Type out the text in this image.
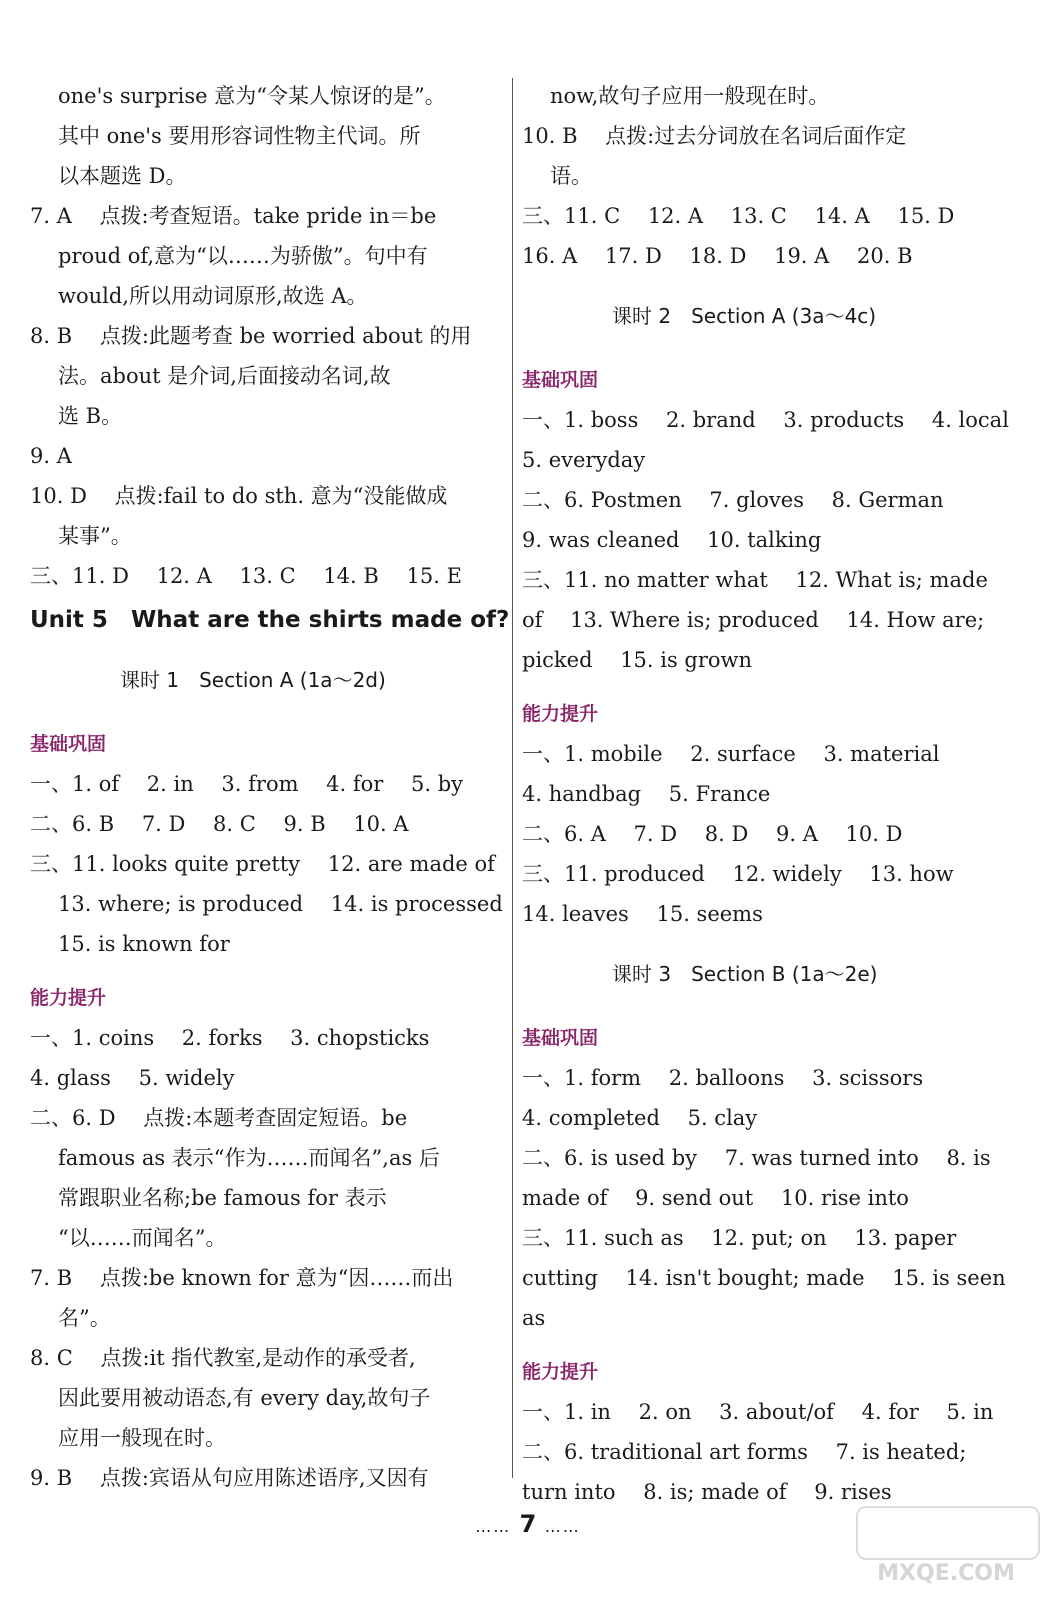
one's surprise 意为“令某人惊讶的是”。
其中 one's 要用形容词性物主代词。所
以本题选 D。
7. A　 点拨:考查短语。take pride in＝be
proud of,意为“以……为骄傲”。句中有
would,所以用动词原形,故选 A。
8. B　 点拨:此题考查 be worried about 的用
法。about 是介词,后面接动名词,故
选 B。
9. A
10. D　 点拨:fail to do sth. 意为“没能做成
某事”。
三、11. D　 12. A　 13. C　 14. B　 15. E
Unit 5　What are the shirts made of?
课时 1　Section A (1a～2d)
基础巩固
一、1. of　 2. in　 3. from　 4. for　 5. by
二、6. B　 7. D　 8. C　 9. B　 10. A
三、11. looks quite pretty　 12. are made of
13. where; is produced　 14. is processed
15. is known for
能力提升
一、1. coins　 2. forks　 3. chopsticks
4. glass　 5. widely
二、6. D　 点拨:本题考查固定短语。be
famous as 表示“作为……而闻名”,as 后
常跟职业名称;be famous for 表示
“以……而闻名”。
7. B　 点拨:be known for 意为“因……而出
名”。
8. C　 点拨:it 指代教室,是动作的承受者,
因此要用被动语态,有 every day,故句子
应用一般现在时。
9. B　 点拨:宾语从句应用陈述语序,又因有
now,故句子应用一般现在时。
10. B　 点拨:过去分词放在名词后面作定
语。
三、11. C　 12. A　 13. C　 14. A　 15. D
16. A　 17. D　 18. D　 19. A　 20. B
课时 2　Section A (3a～4c)
基础巩固
一、1. boss　 2. brand　 3. products　 4. local
5. everyday
二、6. Postmen　 7. gloves　 8. German
9. was cleaned　 10. talking
三、11. no matter what　 12. What is; made
of　 13. Where is; produced　 14. How are;
picked　 15. is grown
能力提升
一、1. mobile　 2. surface　 3. material
4. handbag　 5. France
二、6. A　 7. D　 8. D　 9. A　 10. D
三、11. produced　 12. widely　 13. how
14. leaves　 15. seems
课时 3　Section B (1a～2e)
基础巩固
一、1. form　 2. balloons　 3. scissors
4. completed　 5. clay
二、6. is used by　 7. was turned into　 8. is
made of　 9. send out　 10. rise into
三、11. such as　 12. put; on　 13. paper
cutting　 14. isn't bought; made　 15. is seen
as
能力提升
一、1. in　 2. on　 3. about/of　 4. for　 5. in
二、6. traditional art forms　 7. is heated;
turn into　 8. is; made of　 9. rises
…… 7 ……
MXQE.COM
